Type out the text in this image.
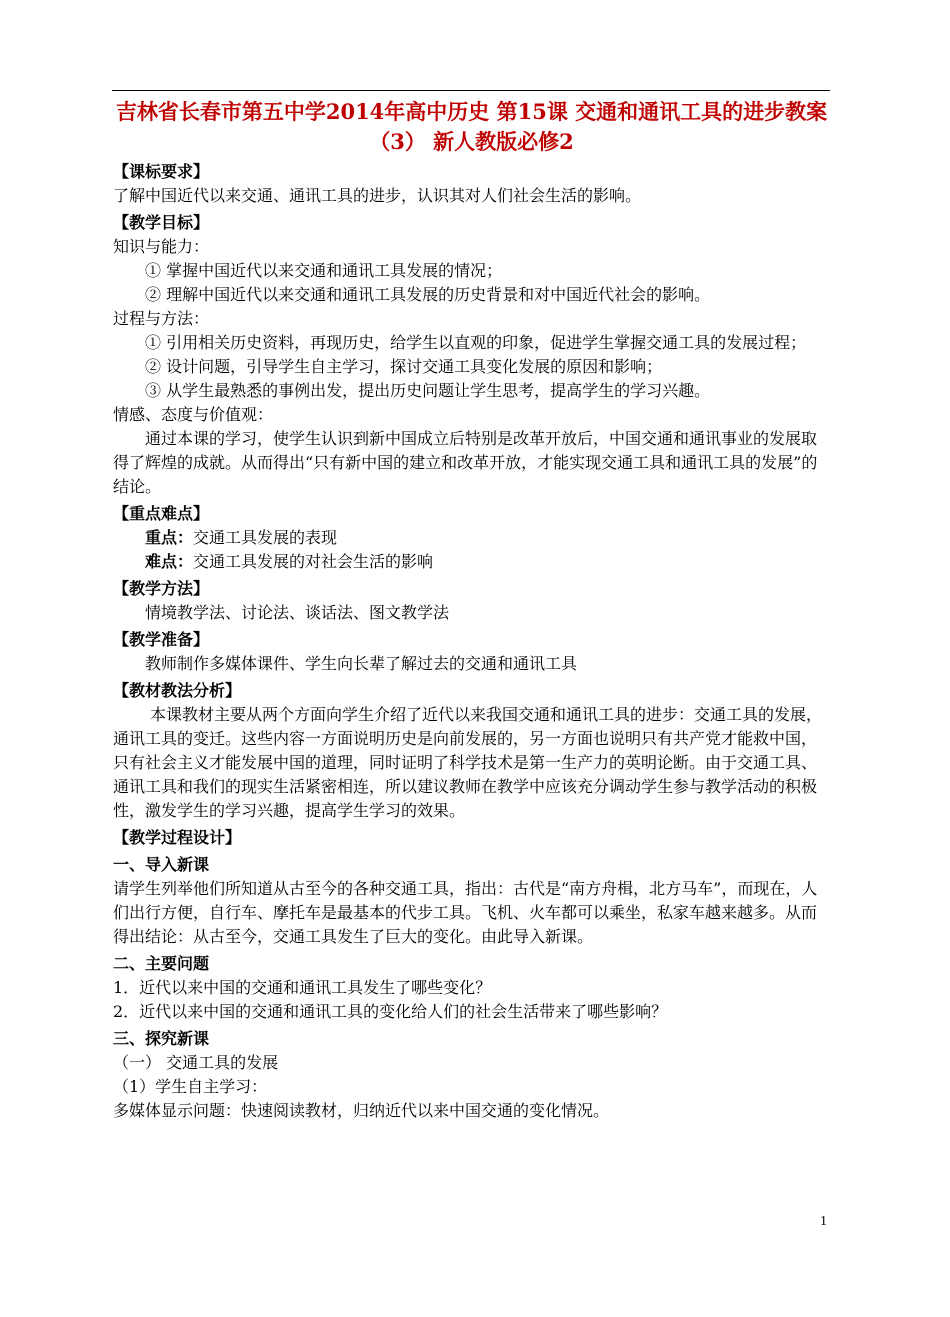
吉林省长春市第五中学2014年高中历史 第15课 交通和通讯工具的进步教案（3） 新人教版必修2
【课标要求】

了解中国近代以来交通、通讯工具的进步，认识其对人们社会生活的影响。

【教学目标】

知识与能力：

① 掌握中国近代以来交通和通讯工具发展的情况；

② 理解中国近代以来交通和通讯工具发展的历史背景和对中国近代社会的影响。

过程与方法：

① 引用相关历史资料，再现历史，给学生以直观的印象，促进学生掌握交通工具的发展过程；

② 设计问题，引导学生自主学习，探讨交通工具变化发展的原因和影响；

③ 从学生最熟悉的事例出发，提出历史问题让学生思考，提高学生的学习兴趣。

情感、态度与价值观：

通过本课的学习，使学生认识到新中国成立后特别是改革开放后，中国交通和通讯事业的发展取得了辉煌的成就。从而得出“只有新中国的建立和改革开放，才能实现交通工具和通讯工具的发展”的结论。

【重点难点】

重点：交通工具发展的表现

难点：交通工具发展的对社会生活的影响

【教学方法】

情境教学法、讨论法、谈话法、图文教学法

【教学准备】

教师制作多媒体课件、学生向长辈了解过去的交通和通讯工具

【教材教法分析】

本课教材主要从两个方面向学生介绍了近代以来我国交通和通讯工具的进步：交通工具的发展，通讯工具的变迁。这些内容一方面说明历史是向前发展的，另一方面也说明只有共产党才能救中国，只有社会主义才能发展中国的道理，同时证明了科学技术是第一生产力的英明论断。由于交通工具、通讯工具和我们的现实生活紧密相连，所以建议教师在教学中应该充分调动学生参与教学活动的积极性，激发学生的学习兴趣，提高学生学习的效果。

【教学过程设计】
一、导入新课

请学生列举他们所知道从古至今的各种交通工具，指出：古代是“南方舟楫，北方马车”，而现在，人们出行方便，自行车、摩托车是最基本的代步工具。飞机、火车都可以乘坐，私家车越来越多。从而得出结论：从古至今，交通工具发生了巨大的变化。由此导入新课。

二、主要问题

1．近代以来中国的交通和通讯工具发生了哪些变化？

2．近代以来中国的交通和通讯工具的变化给人们的社会生活带来了哪些影响？

三、探究新课

（一） 交通工具的发展

（1）学生自主学习：

多媒体显示问题：快速阅读教材，归纳近代以来中国交通的变化情况。

1
